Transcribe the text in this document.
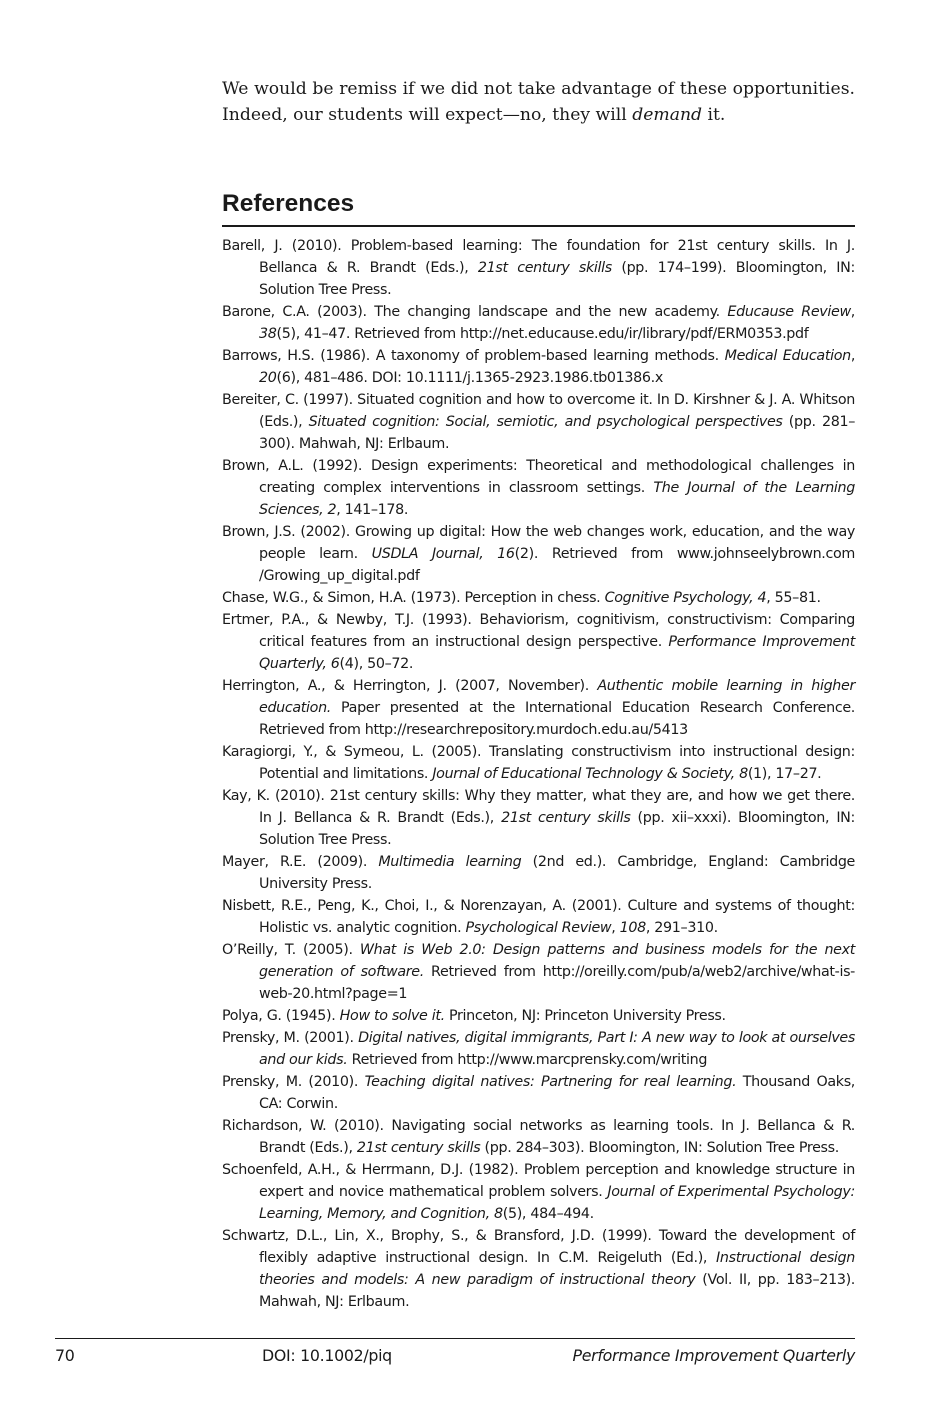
We would be remiss if we did not take advantage of these opportunities. Indeed, our students will expect—no, they will demand it.

References

Barell, J. (2010). Problem-based learning: The foundation for 21st century skills. In J. Bellanca & R. Brandt (Eds.), 21st century skills (pp. 174–199). Bloomington, IN: Solution Tree Press.

Barone, C.A. (2003). The changing landscape and the new academy. Educause Review, 38(5), 41–47. Retrieved from http://net.educause.edu/ir/library/pdf/ERM0353.pdf

Barrows, H.S. (1986). A taxonomy of problem-based learning methods. Medical Education, 20(6), 481–486. DOI: 10.1111/j.1365-2923.1986.tb01386.x

Bereiter, C. (1997). Situated cognition and how to overcome it. In D. Kirshner & J. A. Whitson (Eds.), Situated cognition: Social, semiotic, and psychological perspectives (pp. 281–300). Mahwah, NJ: Erlbaum.

Brown, A.L. (1992). Design experiments: Theoretical and methodological challenges in creating complex interventions in classroom settings. The Journal of the Learning Sciences, 2, 141–178.

Brown, J.S. (2002). Growing up digital: How the web changes work, education, and the way people learn. USDLA Journal, 16(2). Retrieved from www.johnseelybrown.com /Growing_up_digital.pdf

Chase, W.G., & Simon, H.A. (1973). Perception in chess. Cognitive Psychology, 4, 55–81.

Ertmer, P.A., & Newby, T.J. (1993). Behaviorism, cognitivism, constructivism: Comparing critical features from an instructional design perspective. Performance Improvement Quarterly, 6(4), 50–72.

Herrington, A., & Herrington, J. (2007, November). Authentic mobile learning in higher education. Paper presented at the International Education Research Conference. Retrieved from http://researchrepository.murdoch.edu.au/5413

Karagiorgi, Y., & Symeou, L. (2005). Translating constructivism into instructional design: Potential and limitations. Journal of Educational Technology & Society, 8(1), 17–27.

Kay, K. (2010). 21st century skills: Why they matter, what they are, and how we get there. In J. Bellanca & R. Brandt (Eds.), 21st century skills (pp. xii–xxxi). Bloomington, IN: Solution Tree Press.

Mayer, R.E. (2009). Multimedia learning (2nd ed.). Cambridge, England: Cambridge University Press.

Nisbett, R.E., Peng, K., Choi, I., & Norenzayan, A. (2001). Culture and systems of thought: Holistic vs. analytic cognition. Psychological Review, 108, 291–310.

O’Reilly, T. (2005). What is Web 2.0: Design patterns and business models for the next generation of software. Retrieved from http://oreilly.com/pub/a/web2/archive/what-is-web-20.html?page=1

Polya, G. (1945). How to solve it. Princeton, NJ: Princeton University Press.

Prensky, M. (2001). Digital natives, digital immigrants, Part I: A new way to look at ourselves and our kids. Retrieved from http://www.marcprensky.com/writing

Prensky, M. (2010). Teaching digital natives: Partnering for real learning. Thousand Oaks, CA: Corwin.

Richardson, W. (2010). Navigating social networks as learning tools. In J. Bellanca & R. Brandt (Eds.), 21st century skills (pp. 284–303). Bloomington, IN: Solution Tree Press.

Schoenfeld, A.H., & Herrmann, D.J. (1982). Problem perception and knowledge structure in expert and novice mathematical problem solvers. Journal of Experimental Psychology: Learning, Memory, and Cognition, 8(5), 484–494.

Schwartz, D.L., Lin, X., Brophy, S., & Bransford, J.D. (1999). Toward the development of flexibly adaptive instructional design. In C.M. Reigeluth (Ed.), Instructional design theories and models: A new paradigm of instructional theory (Vol. II, pp. 183–213). Mahwah, NJ: Erlbaum.

70	DOI: 10.1002/piq	Performance Improvement Quarterly
